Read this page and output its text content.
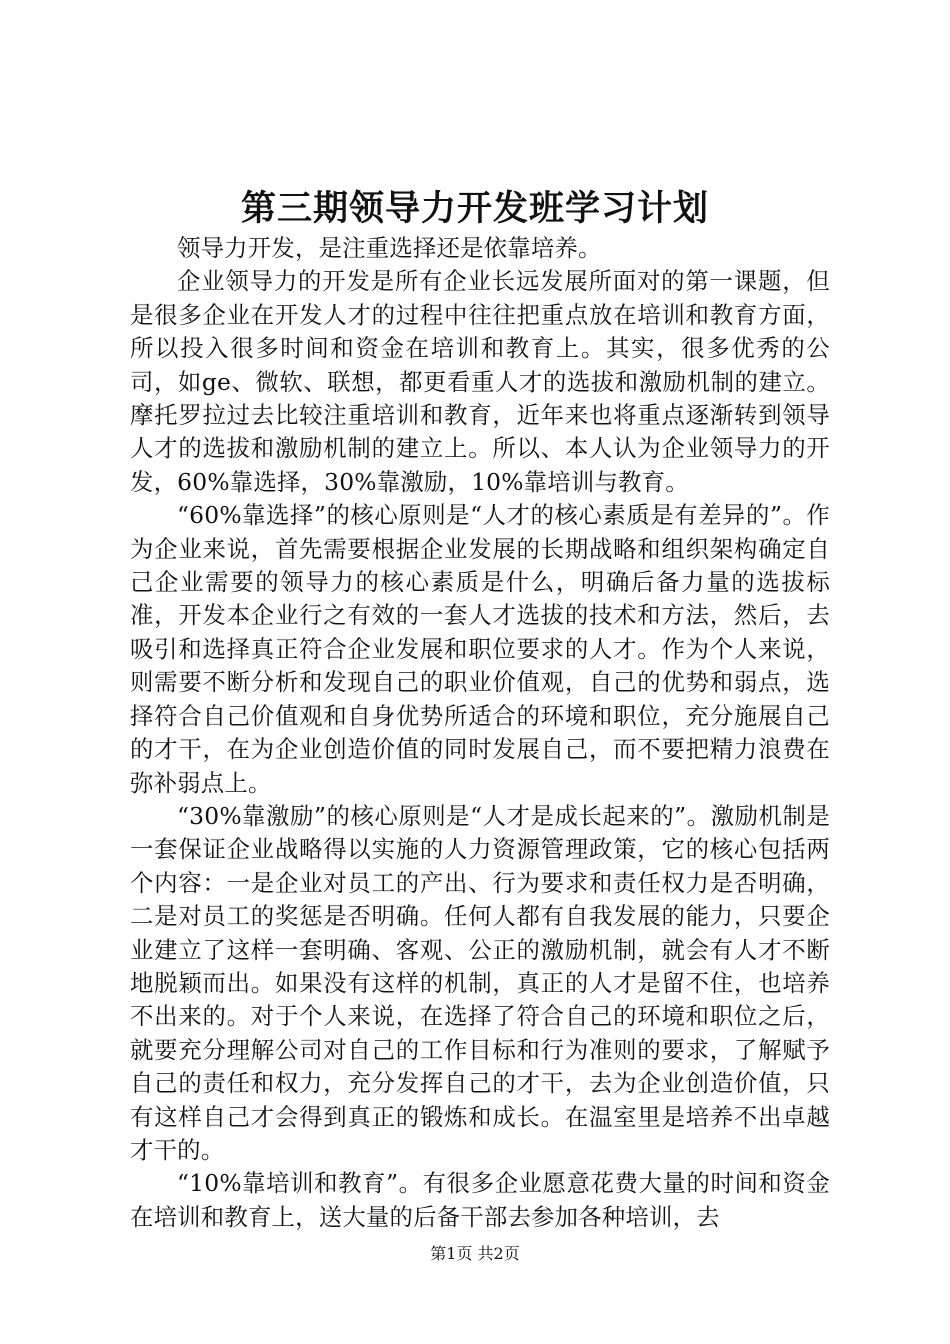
第三期领导力开发班学习计划

领导力开发，是注重选择还是依靠培养。

企业领导力的开发是所有企业长远发展所面对的第一课题，但是很多企业在开发人才的过程中往往把重点放在培训和教育方面，所以投入很多时间和资金在培训和教育上。其实，很多优秀的公司，如ge、微软、联想，都更看重人才的选拔和激励机制的建立。摩托罗拉过去比较注重培训和教育，近年来也将重点逐渐转到领导人才的选拔和激励机制的建立上。所以、本人认为企业领导力的开发，60%靠选择，30%靠激励，10%靠培训与教育。

“60%靠选择”的核心原则是“人才的核心素质是有差异的”。作为企业来说，首先需要根据企业发展的长期战略和组织架构确定自己企业需要的领导力的核心素质是什么，明确后备力量的选拔标准，开发本企业行之有效的一套人才选拔的技术和方法，然后，去吸引和选择真正符合企业发展和职位要求的人才。作为个人来说，则需要不断分析和发现自己的职业价值观，自己的优势和弱点，选择符合自己价值观和自身优势所适合的环境和职位，充分施展自己的才干，在为企业创造价值的同时发展自己，而不要把精力浪费在弥补弱点上。

“30%靠激励”的核心原则是“人才是成长起来的”。激励机制是一套保证企业战略得以实施的人力资源管理政策，它的核心包括两个内容：一是企业对员工的产出、行为要求和责任权力是否明确，二是对员工的奖惩是否明确。任何人都有自我发展的能力，只要企业建立了这样一套明确、客观、公正的激励机制，就会有人才不断地脱颖而出。如果没有这样的机制，真正的人才是留不住，也培养不出来的。对于个人来说，在选择了符合自己的环境和职位之后，就要充分理解公司对自己的工作目标和行为准则的要求，了解赋予自己的责任和权力，充分发挥自己的才干，去为企业创造价值，只有这样自己才会得到真正的锻炼和成长。在温室里是培养不出卓越才干的。

“10%靠培训和教育”。有很多企业愿意花费大量的时间和资金在培训和教育上，送大量的后备干部去参加各种培训，去

第1页 共2页
